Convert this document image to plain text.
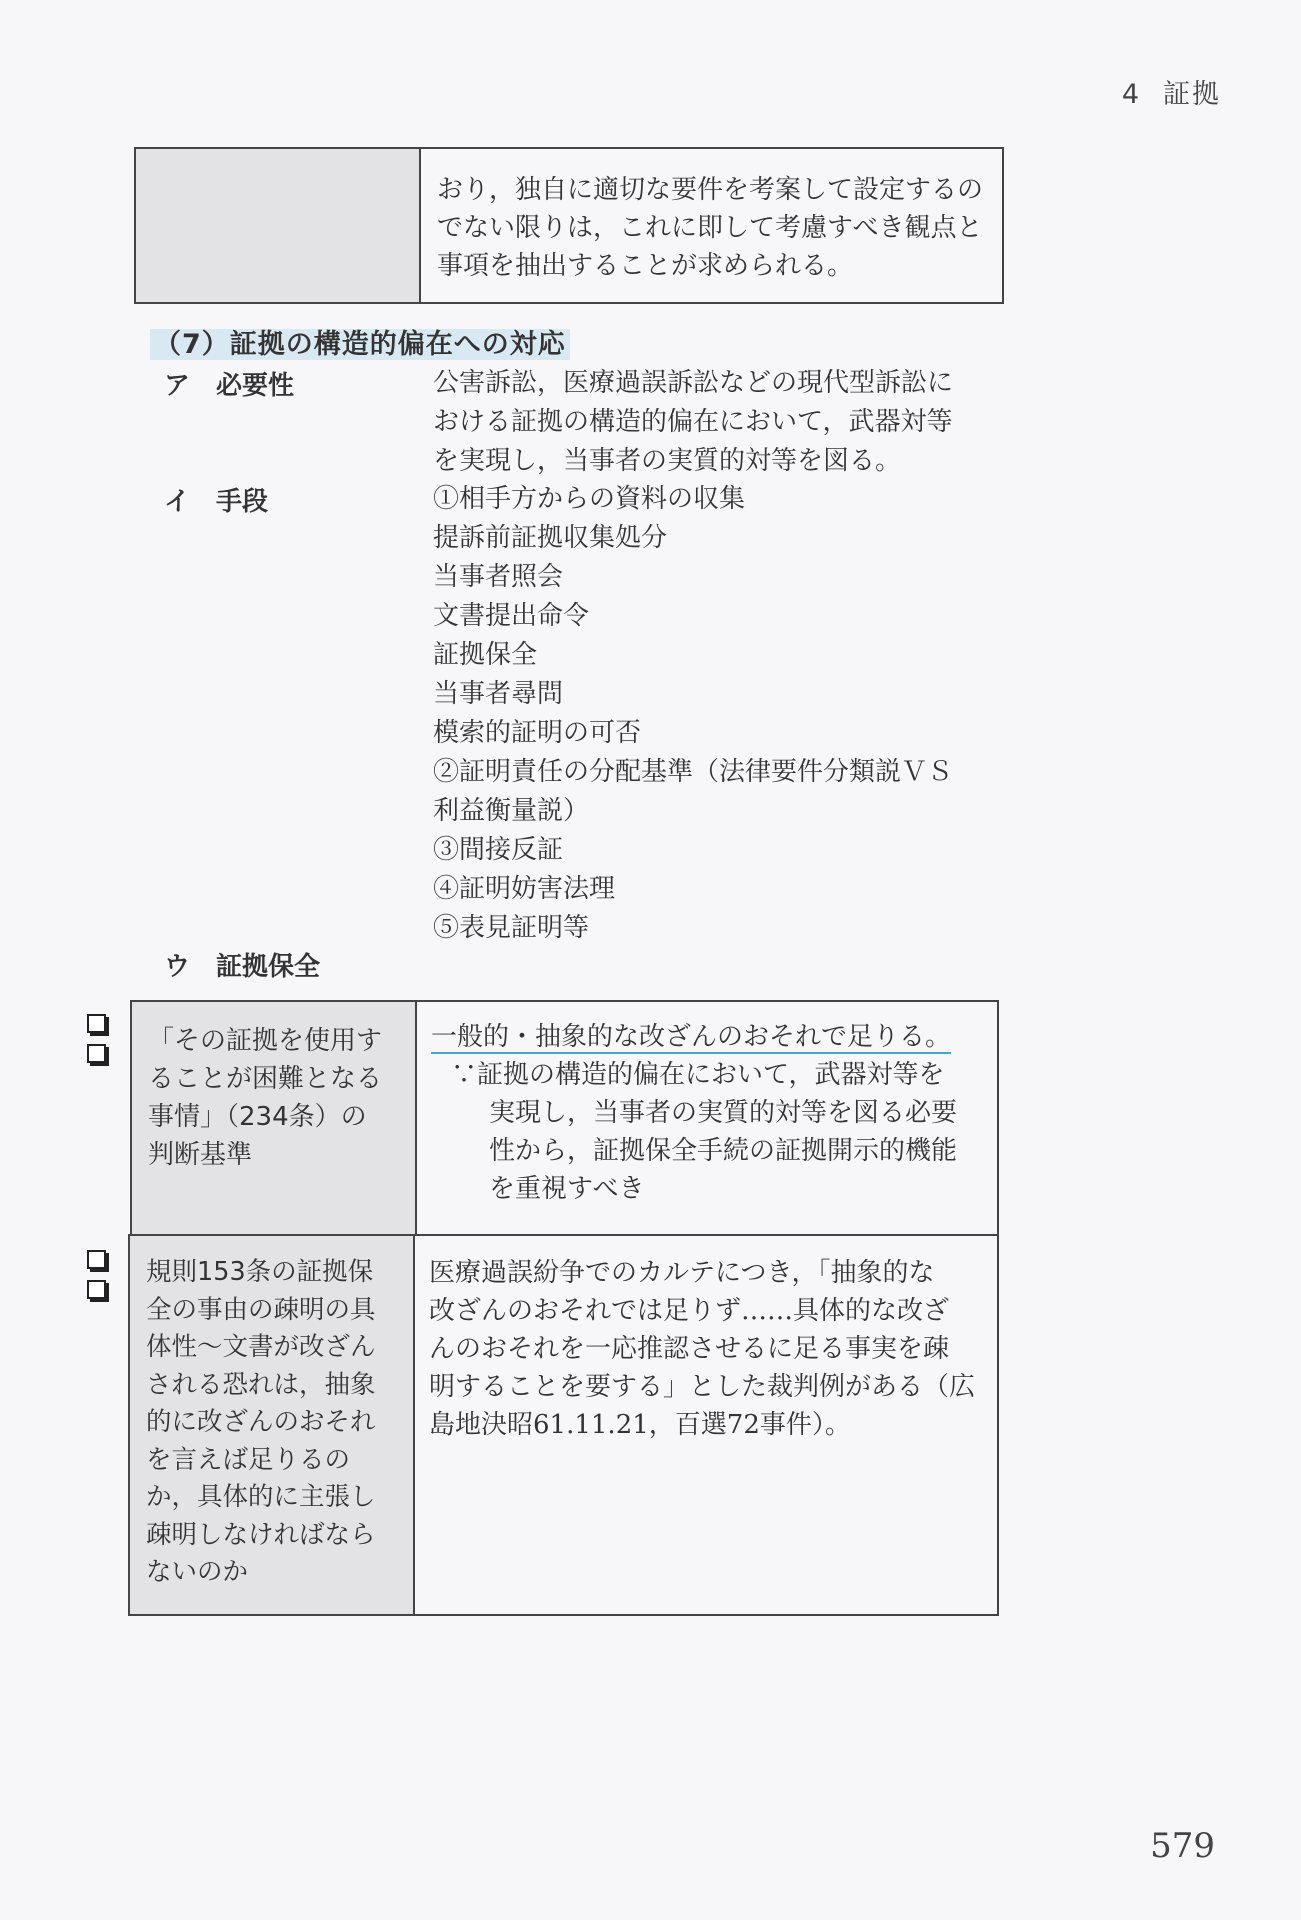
4 証拠
おり，独自に適切な要件を考案して設定するの
でない限りは，これに即して考慮すべき観点と
事項を抽出することが求められる。
（7）証拠の構造的偏在への対応
ア　必要性	公害訴訟，医療過誤訴訟などの現代型訴訟に
おける証拠の構造的偏在において，武器対等
を実現し，当事者の実質的対等を図る。
イ　手段	①相手方からの資料の収集
提訴前証拠収集処分
当事者照会
文書提出命令
証拠保全
当事者尋問
模索的証明の可否
②証明責任の分配基準（法律要件分類説ＶＳ
利益衡量説）
③間接反証
④証明妨害法理
⑤表見証明等
ウ　証拠保全
「その証拠を使用す
ることが困難となる
事情」（234条）の
判断基準
一般的・抽象的な改ざんのおそれで足りる。
∵証拠の構造的偏在において，武器対等を
実現し，当事者の実質的対等を図る必要
性から，証拠保全手続の証拠開示的機能
を重視すべき
規則153条の証拠保
全の事由の疎明の具
体性～文書が改ざん
される恐れは，抽象
的に改ざんのおそれ
を言えば足りるの
か，具体的に主張し
疎明しなければなら
ないのか
医療過誤紛争でのカルテにつき，「抽象的な
改ざんのおそれでは足りず……具体的な改ざ
んのおそれを一応推認させるに足る事実を疎
明することを要する」とした裁判例がある（広
島地決昭61.11.21，百選72事件）。
579
